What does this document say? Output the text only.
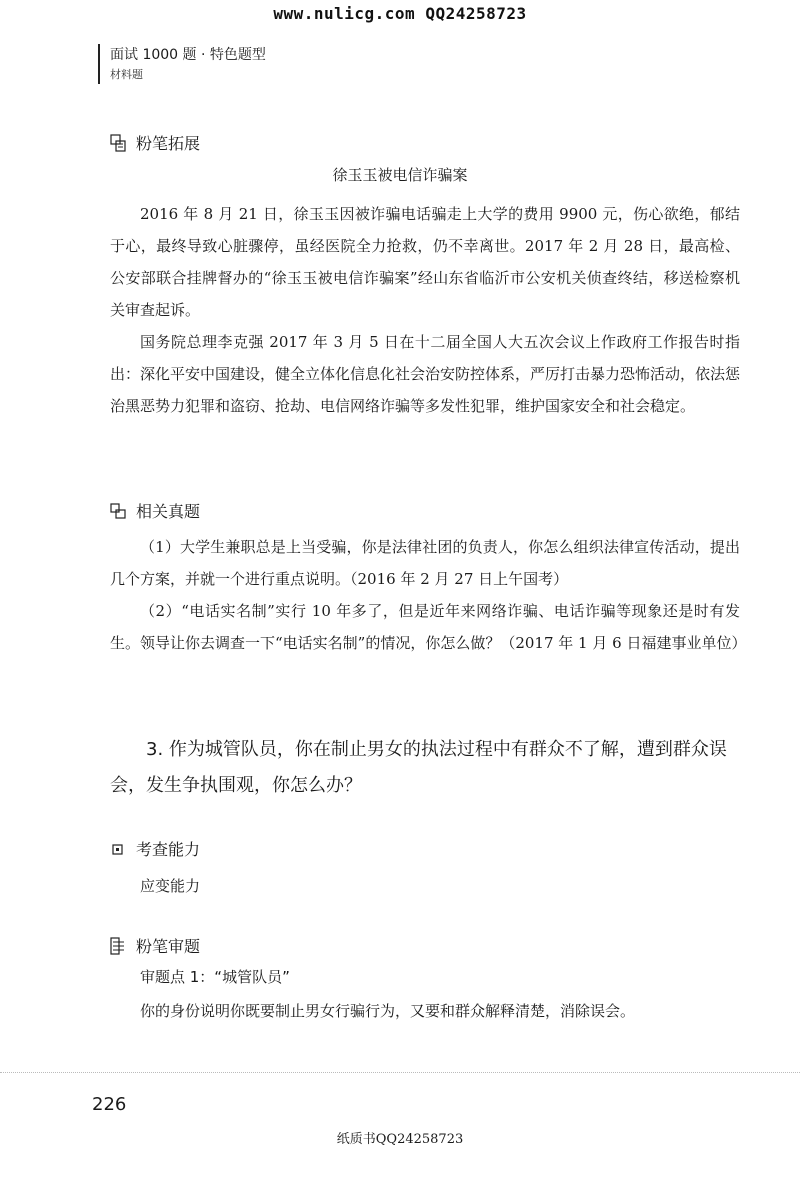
www.nulicg.com QQ24258723
面试 1000 题 · 特色题型
材料题
粉笔拓展
徐玉玉被电信诈骗案
2016 年 8 月 21 日，徐玉玉因被诈骗电话骗走上大学的费用 9900 元，伤心欲绝，郁结于心，最终导致心脏骤停，虽经医院全力抢救，仍不幸离世。2017 年 2 月 28 日，最高检、公安部联合挂牌督办的“徐玉玉被电信诈骗案”经山东省临沂市公安机关侦查终结，移送检察机关审查起诉。
国务院总理李克强 2017 年 3 月 5 日在十二届全国人大五次会议上作政府工作报告时指出：深化平安中国建设，健全立体化信息化社会治安防控体系，严厉打击暴力恐怖活动，依法惩治黑恶势力犯罪和盗窃、抢劫、电信网络诈骗等多发性犯罪，维护国家安全和社会稳定。
相关真题
（1）大学生兼职总是上当受骗，你是法律社团的负责人，你怎么组织法律宣传活动，提出几个方案，并就一个进行重点说明。（2016 年 2 月 27 日上午国考）
（2）“电话实名制”实行 10 年多了，但是近年来网络诈骗、电话诈骗等现象还是时有发生。领导让你去调查一下“电话实名制”的情况，你怎么做？（2017 年 1 月 6 日福建事业单位）
3. 作为城管队员，你在制止男女的执法过程中有群众不了解，遭到群众误会，发生争执围观，你怎么办？
考查能力
应变能力
粉笔审题
审题点 1：“城管队员”
你的身份说明你既要制止男女行骗行为，又要和群众解释清楚，消除误会。
226
纸质书QQ24258723
